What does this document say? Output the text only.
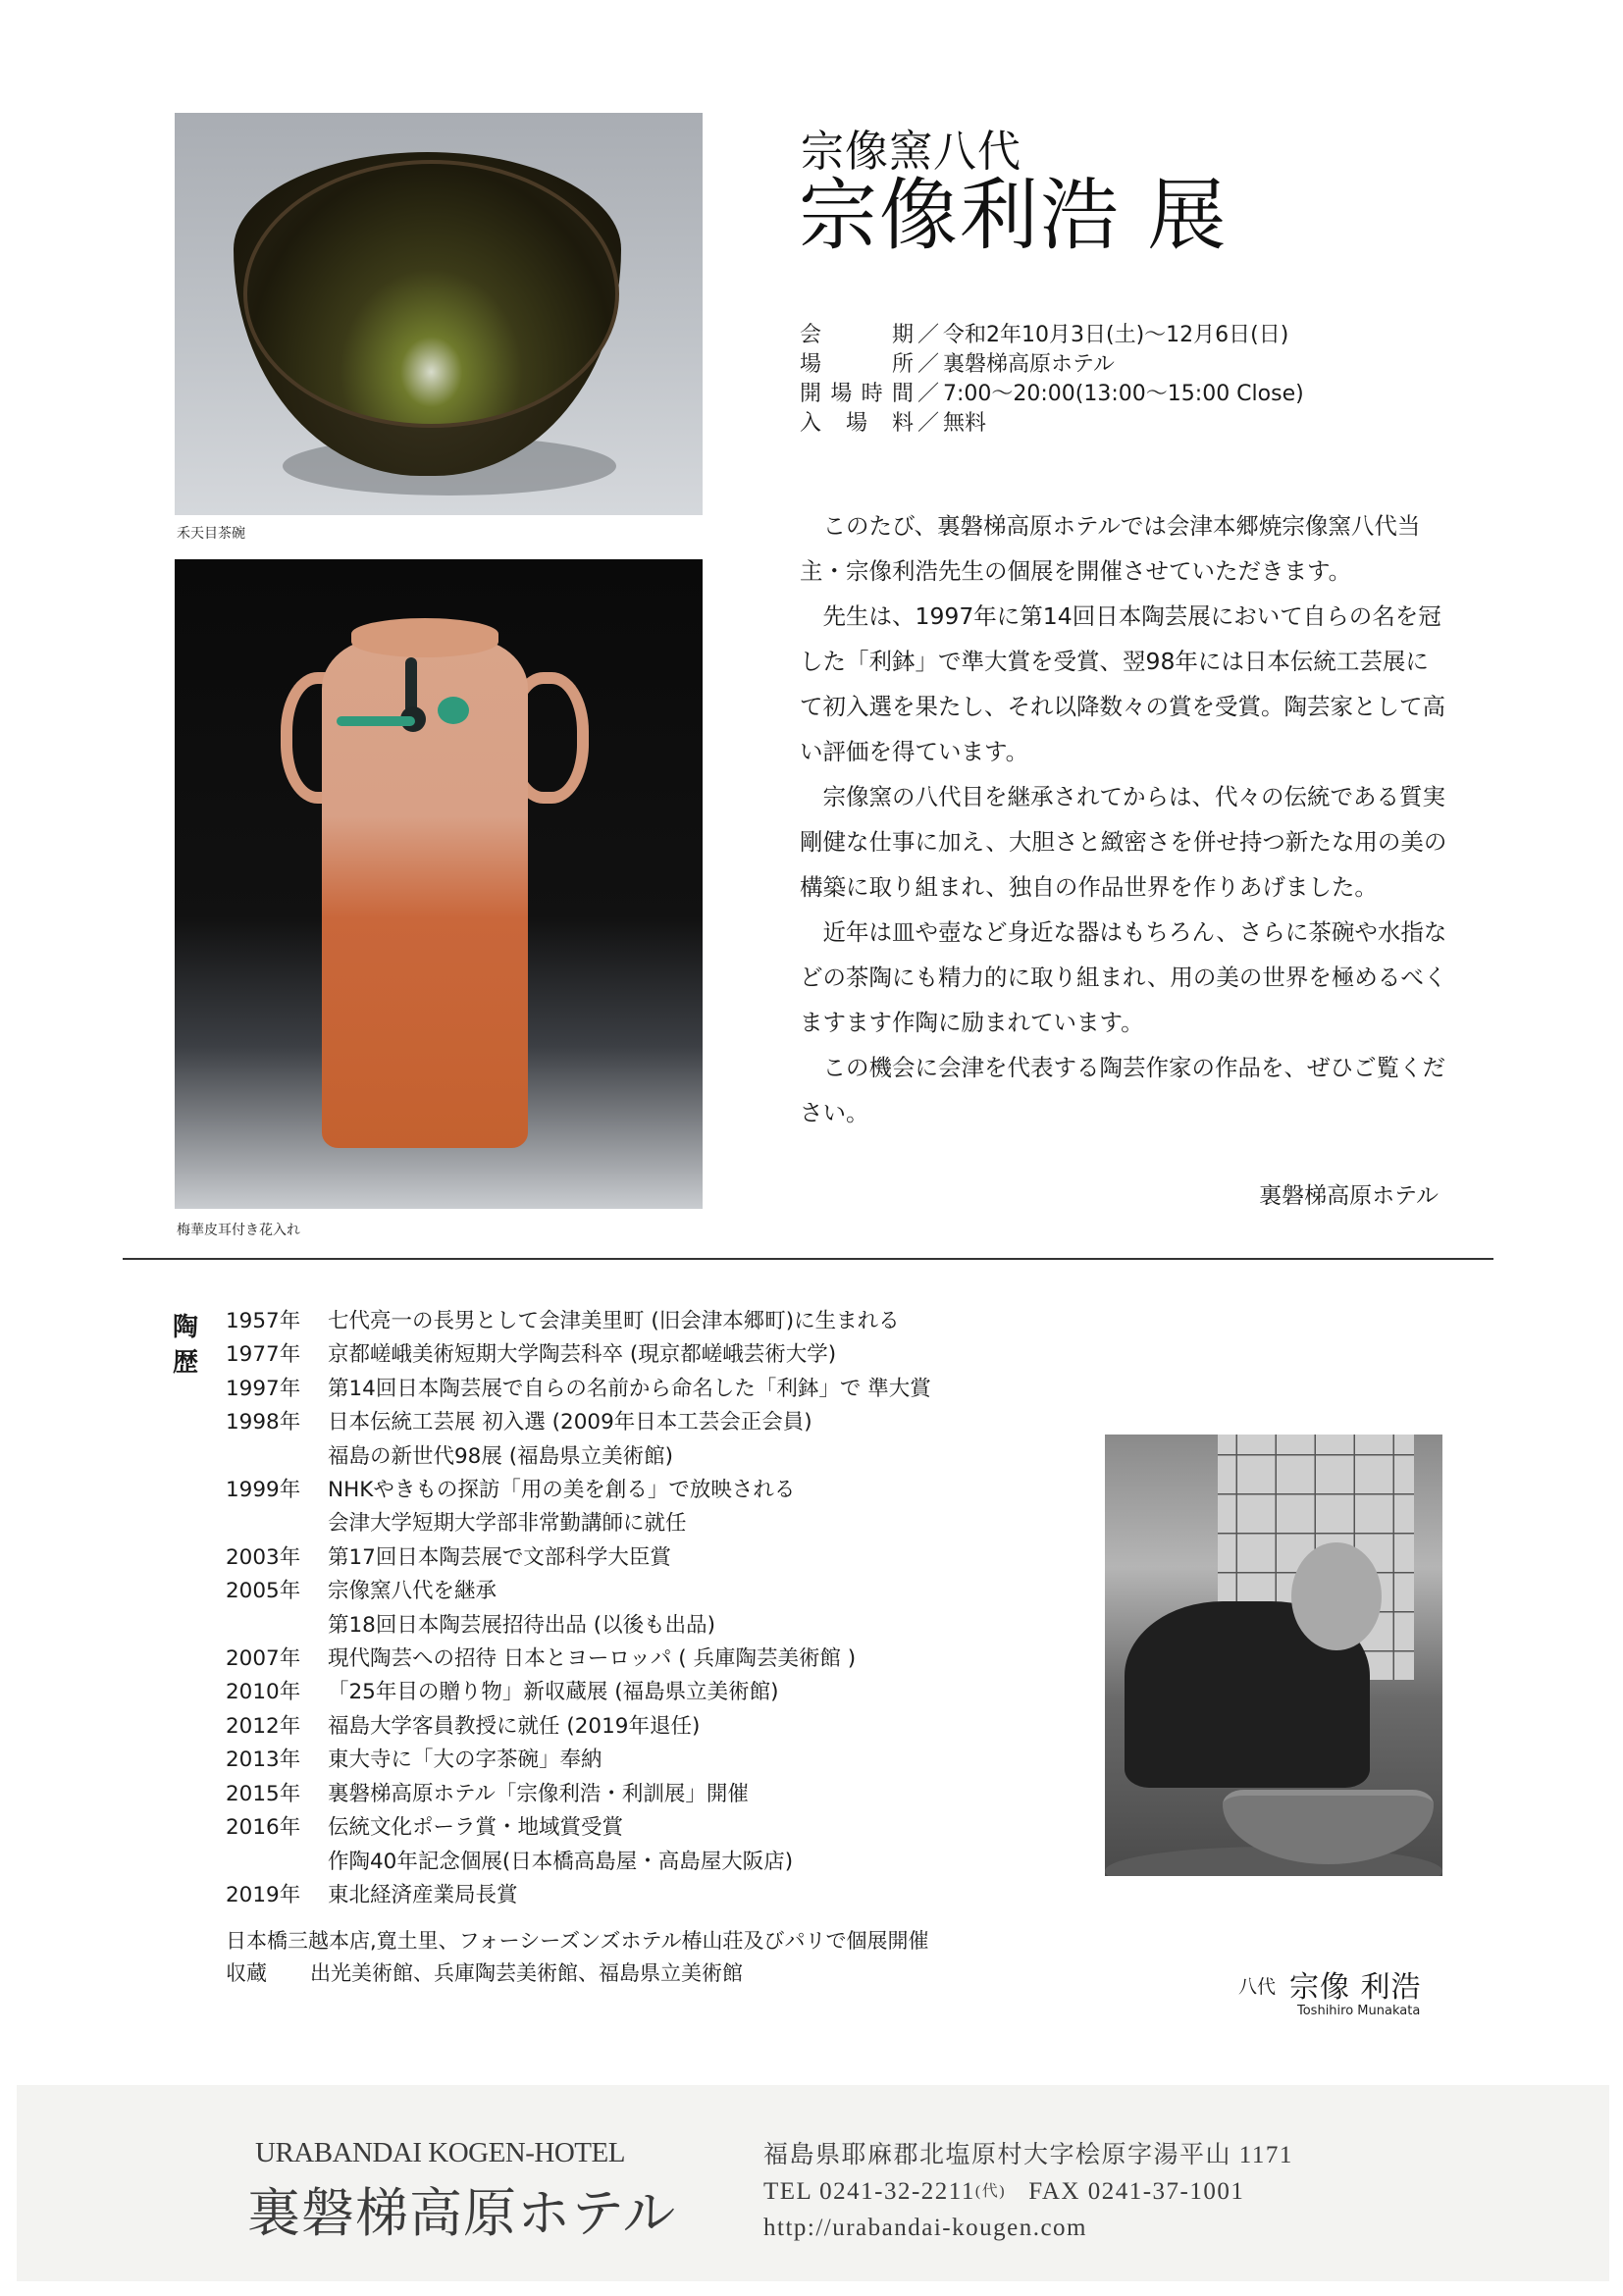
禾天目茶碗
梅華皮耳付き花入れ
宗像窯八代
宗像利浩 展
会	期 ／ 令和2年10月3日(土)～12月6日(日)
場	所 ／ 裏磐梯高原ホテル
開 場 時 間 ／ 7:00～20:00(13:00～15:00 Close)
入 場 料 ／ 無料

このたび、裏磐梯高原ホテルでは会津本郷焼宗像窯八代当主・宗像利浩先生の個展を開催させていただきます。

先生は、1997年に第14回日本陶芸展において自らの名を冠した「利鉢」で準大賞を受賞、翌98年には日本伝統工芸展にて初入選を果たし、それ以降数々の賞を受賞。陶芸家として高い評価を得ています。

宗像窯の八代目を継承されてからは、代々の伝統である質実剛健な仕事に加え、大胆さと緻密さを併せ持つ新たな用の美の構築に取り組まれ、独自の作品世界を作りあげました。

近年は皿や壺など身近な器はもちろん、さらに茶碗や水指などの茶陶にも精力的に取り組まれ、用の美の世界を極めるべくますます作陶に励まれています。

この機会に会津を代表する陶芸作家の作品を、ぜひご覧ください。

裏磐梯高原ホテル
陶歴
1957年	七代亮一の長男として会津美里町 (旧会津本郷町)に生まれる
1977年	京都嵯峨美術短期大学陶芸科卒 (現京都嵯峨芸術大学)
1997年	第14回日本陶芸展で自らの名前から命名した「利鉢」で 準大賞
1998年	日本伝統工芸展 初入選 (2009年日本工芸会正会員)
福島の新世代98展 (福島県立美術館)
1999年	NHKやきもの探訪「用の美を創る」で放映される
会津大学短期大学部非常勤講師に就任
2003年	第17回日本陶芸展で文部科学大臣賞
2005年	宗像窯八代を継承
第18回日本陶芸展招待出品 (以後も出品)
2007年	現代陶芸への招待 日本とヨーロッパ ( 兵庫陶芸美術館 )
2010年	「25年目の贈り物」新収蔵展 (福島県立美術館)
2012年	福島大学客員教授に就任 (2019年退任)
2013年	東大寺に「大の字茶碗」奉納
2015年	裏磐梯高原ホテル「宗像利浩・利訓展」開催
2016年	伝統文化ポーラ賞・地域賞受賞
作陶40年記念個展(日本橋高島屋・高島屋大阪店)
2019年	東北経済産業局長賞
日本橋三越本店,寛土里、フォーシーズンズホテル椿山荘及びパリで個展開催
収蔵 出光美術館、兵庫陶芸美術館、福島県立美術館
八代 宗像 利浩
Toshihiro Munakata
URABANDAI KOGEN-HOTEL
裏磐梯高原ホテル
福島県耶麻郡北塩原村大字桧原字湯平山 1171
TEL 0241-32-2211(代) FAX 0241-37-1001
http://urabandai-kougen.com
